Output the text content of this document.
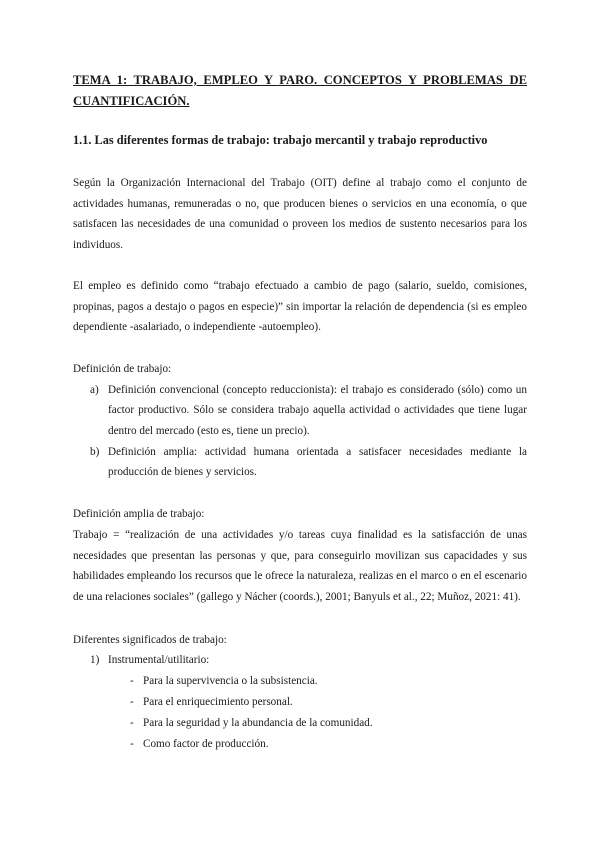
TEMA 1: TRABAJO, EMPLEO Y PARO. CONCEPTOS Y PROBLEMAS DE CUANTIFICACIÓN.
1.1. Las diferentes formas de trabajo: trabajo mercantil y trabajo reproductivo

Según la Organización Internacional del Trabajo (OIT) define al trabajo como el conjunto de actividades humanas, remuneradas o no, que producen bienes o servicios en una economía, o que satisfacen las necesidades de una comunidad o proveen los medios de sustento necesarios para los individuos.

El empleo es definido como “trabajo efectuado a cambio de pago (salario, sueldo, comisiones, propinas, pagos a destajo o pagos en especie)” sin importar la relación de dependencia (si es empleo dependiente -asalariado, o independiente -autoempleo).

Definición de trabajo:

a) Definición convencional (concepto reduccionista): el trabajo es considerado (sólo) como un factor productivo. Sólo se considera trabajo aquella actividad o actividades que tiene lugar dentro del mercado (esto es, tiene un precio).
b) Definición amplia: actividad humana orientada a satisfacer necesidades mediante la producción de bienes y servicios.

Definición amplia de trabajo:

Trabajo = “realización de una actividades y/o tareas cuya finalidad es la satisfacción de unas necesidades que presentan las personas y que, para conseguirlo movilizan sus capacidades y sus habilidades empleando los recursos que le ofrece la naturaleza, realizas en el marco o en el escenario de una relaciones sociales” (gallego y Nácher (coords.), 2001; Banyuls et al., 22; Muñoz, 2021: 41).

Diferentes significados de trabajo:

1) Instrumental/utilitario:
- Para la supervivencia o la subsistencia.
- Para el enriquecimiento personal.
- Para la seguridad y la abundancia de la comunidad.
- Como factor de producción.
